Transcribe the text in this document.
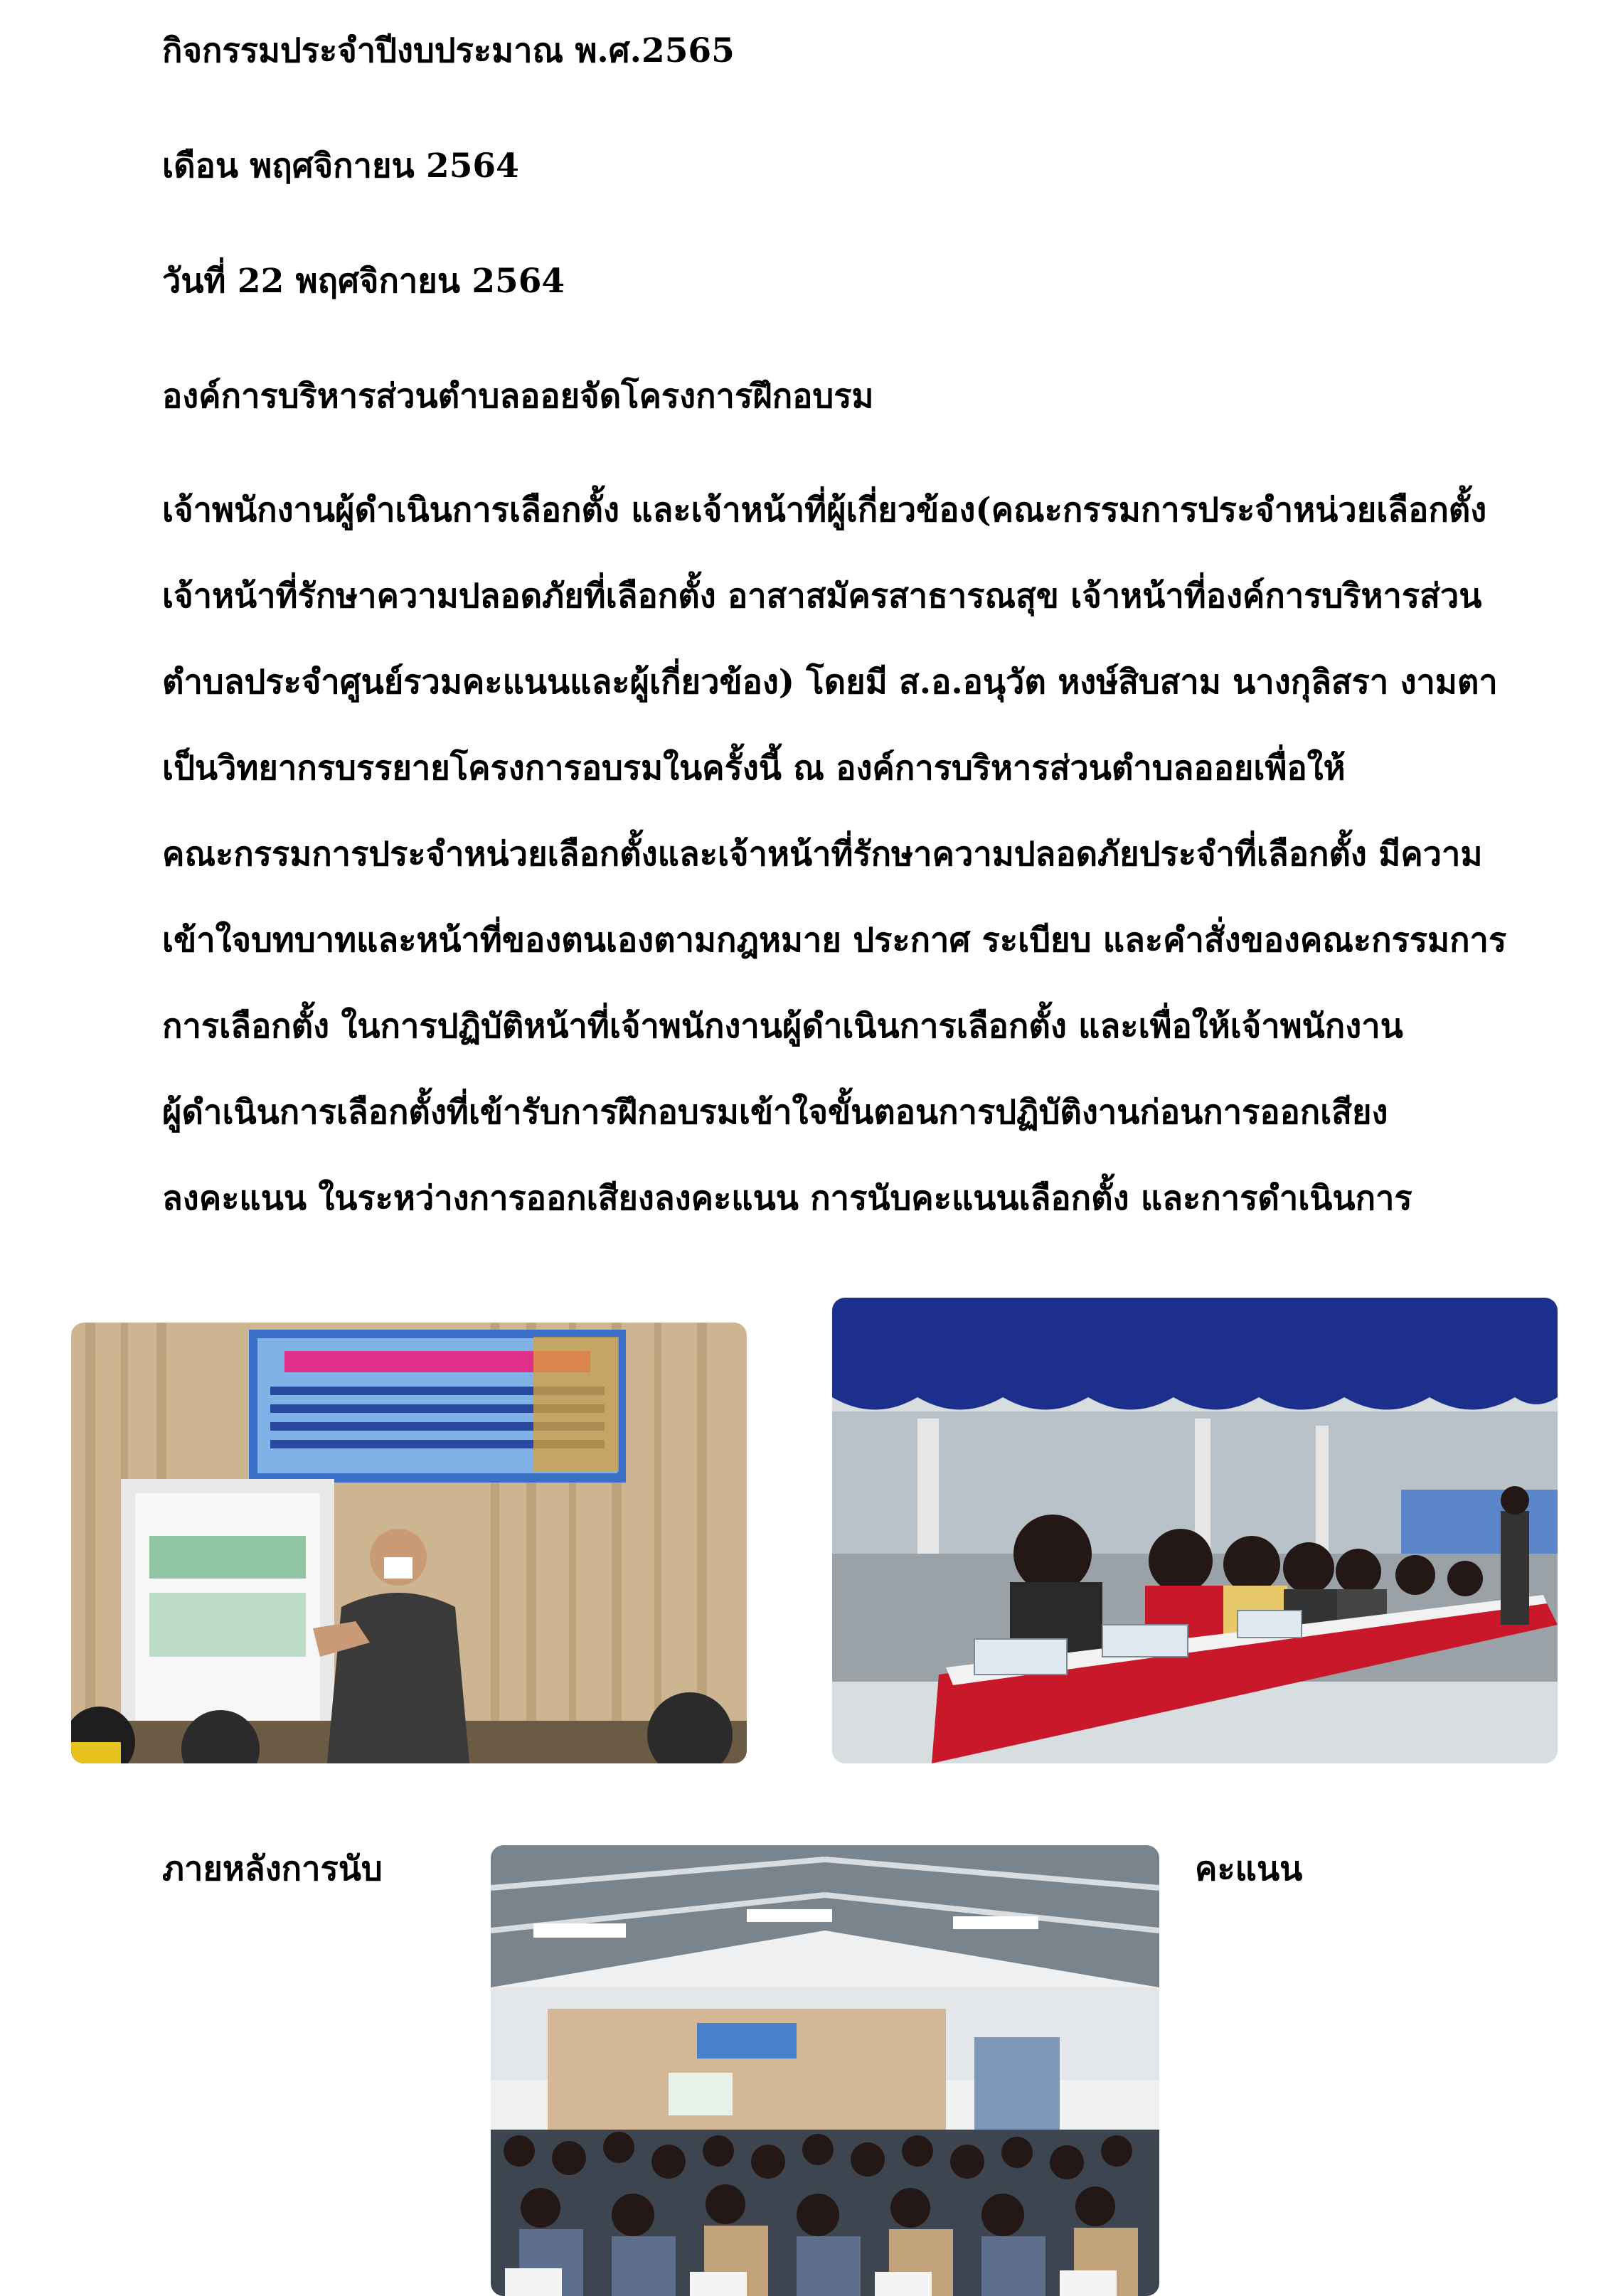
กิจกรรมประจำปีงบประมาณ พ.ศ.2565
เดือน พฤศจิกายน 2564
วันที่ 22 พฤศจิกายน 2564
องค์การบริหารส่วนตำบลออยจัดโครงการฝึกอบรม
เจ้าพนักงานผู้ดำเนินการเลือกตั้ง และเจ้าหน้าที่ผู้เกี่ยวข้อง(คณะกรรมการประจำหน่วยเลือกตั้ง
เจ้าหน้าที่รักษาความปลอดภัยที่เลือกตั้ง อาสาสมัครสาธารณสุข เจ้าหน้าที่องค์การบริหารส่วน
ตำบลประจำศูนย์รวมคะแนนและผู้เกี่ยวข้อง) โดยมี ส.อ.อนุวัต หงษ์สิบสาม นางกุลิสรา งามตา
เป็นวิทยากรบรรยายโครงการอบรมในครั้งนี้ ณ องค์การบริหารส่วนตำบลออยเพื่อให้
คณะกรรมการประจำหน่วยเลือกตั้งและเจ้าหน้าที่รักษาความปลอดภัยประจำที่เลือกตั้ง มีความ
เข้าใจบทบาทและหน้าที่ของตนเองตามกฎหมาย ประกาศ ระเบียบ และคำสั่งของคณะกรรมการ
การเลือกตั้ง ในการปฏิบัติหน้าที่เจ้าพนักงานผู้ดำเนินการเลือกตั้ง และเพื่อให้เจ้าพนักงาน
ผู้ดำเนินการเลือกตั้งที่เข้ารับการฝึกอบรมเข้าใจขั้นตอนการปฏิบัติงานก่อนการออกเสียง
ลงคะแนน ในระหว่างการออกเสียงลงคะแนน การนับคะแนนเลือกตั้ง และการดำเนินการ
ภายหลังการนับ	คะแนน
